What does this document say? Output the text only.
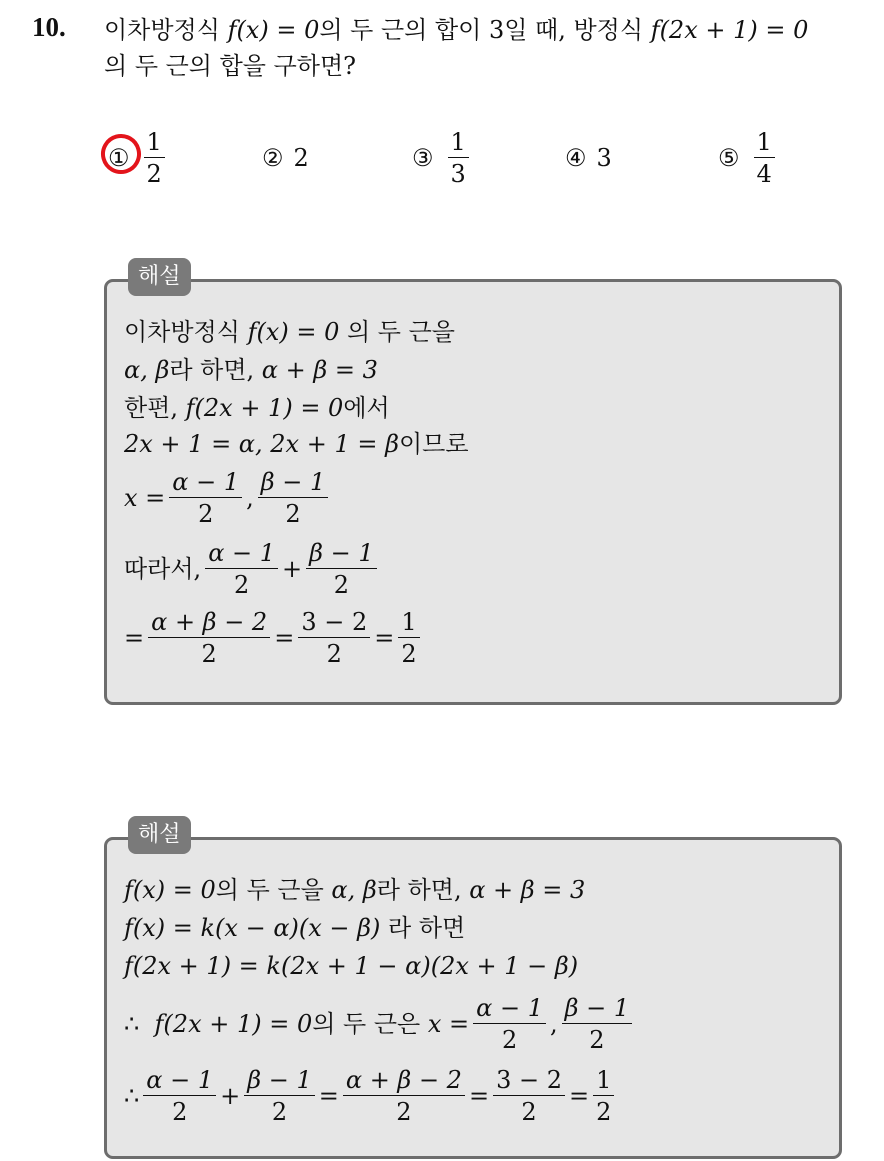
10. 이차방정식 f(x) = 0의 두 근의 합이 3일 때, 방정식 f(2x + 1) = 0
의 두 근의 합을 구하면?
① $\frac{1}{2}$	② 2	③ $\frac{1}{3}$	④ 3	⑤ $\frac{1}{4}$
해설
이차방정식
f(x) = 0
의 두 근을
α, β 라 하면,
α + β = 3
한편,
f(2x + 1) = 0 에서
2x + 1 = α, 2x + 1 = β 이므로
$x = \frac{\alpha - 1}{2}$ , $\frac{\beta - 1}{2}$
따라서, $\frac{\alpha - 1}{2} + \frac{\beta - 1}{2}$
= $\frac{\alpha + \beta - 2}{2} = \frac{3 - 2}{2} = \frac{1}{2}$
해설
f(x) = 0 의 두 근을
α, β 라 하면,
α + β = 3
f(x) = k(x − α)(x − β)
라 하면
f(2x + 1) = k(2x + 1 − α)(2x + 1 − β)
∴
f(2x + 1) = 0 의 두 근은
$x = \frac{\alpha - 1}{2}$ , $\frac{\beta - 1}{2}$
∴ $\frac{\alpha - 1}{2} + \frac{\beta - 1}{2} = \frac{\alpha + \beta - 2}{2} = \frac{3 - 2}{2} = \frac{1}{2}$
